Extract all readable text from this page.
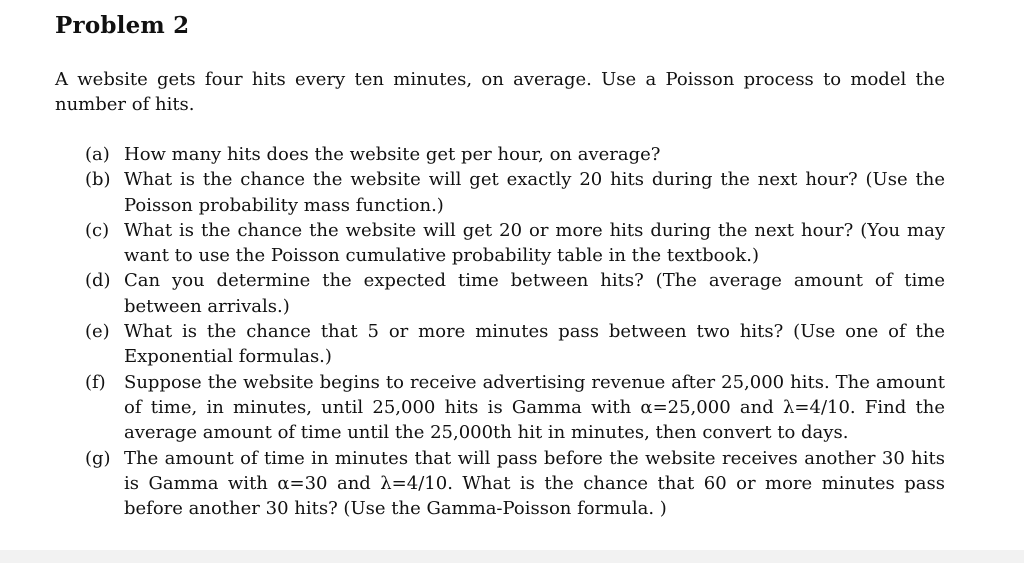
Problem 2

A website gets four hits every ten minutes, on average. Use a Poisson process to model the number of hits.

(a) How many hits does the website get per hour, on average?
(b) What is the chance the website will get exactly 20 hits during the next hour? (Use the Poisson probability mass function.)
(c) What is the chance the website will get 20 or more hits during the next hour? (You may want to use the Poisson cumulative probability table in the textbook.)
(d) Can you determine the expected time between hits? (The average amount of time between arrivals.)
(e) What is the chance that 5 or more minutes pass between two hits? (Use one of the Exponential formulas.)
(f)	Suppose the website begins to receive advertising revenue after 25,000 hits. The amount of time, in minutes, until 25,000 hits is Gamma with α=25,000 and λ=4/10. Find the average amount of time until the 25,000th hit in minutes, then convert to days.
(g) The amount of time in minutes that will pass before the website receives another 30 hits is Gamma with α=30 and λ=4/10. What is the chance that 60 or more minutes pass before another 30 hits? (Use the Gamma-Poisson formula. )
